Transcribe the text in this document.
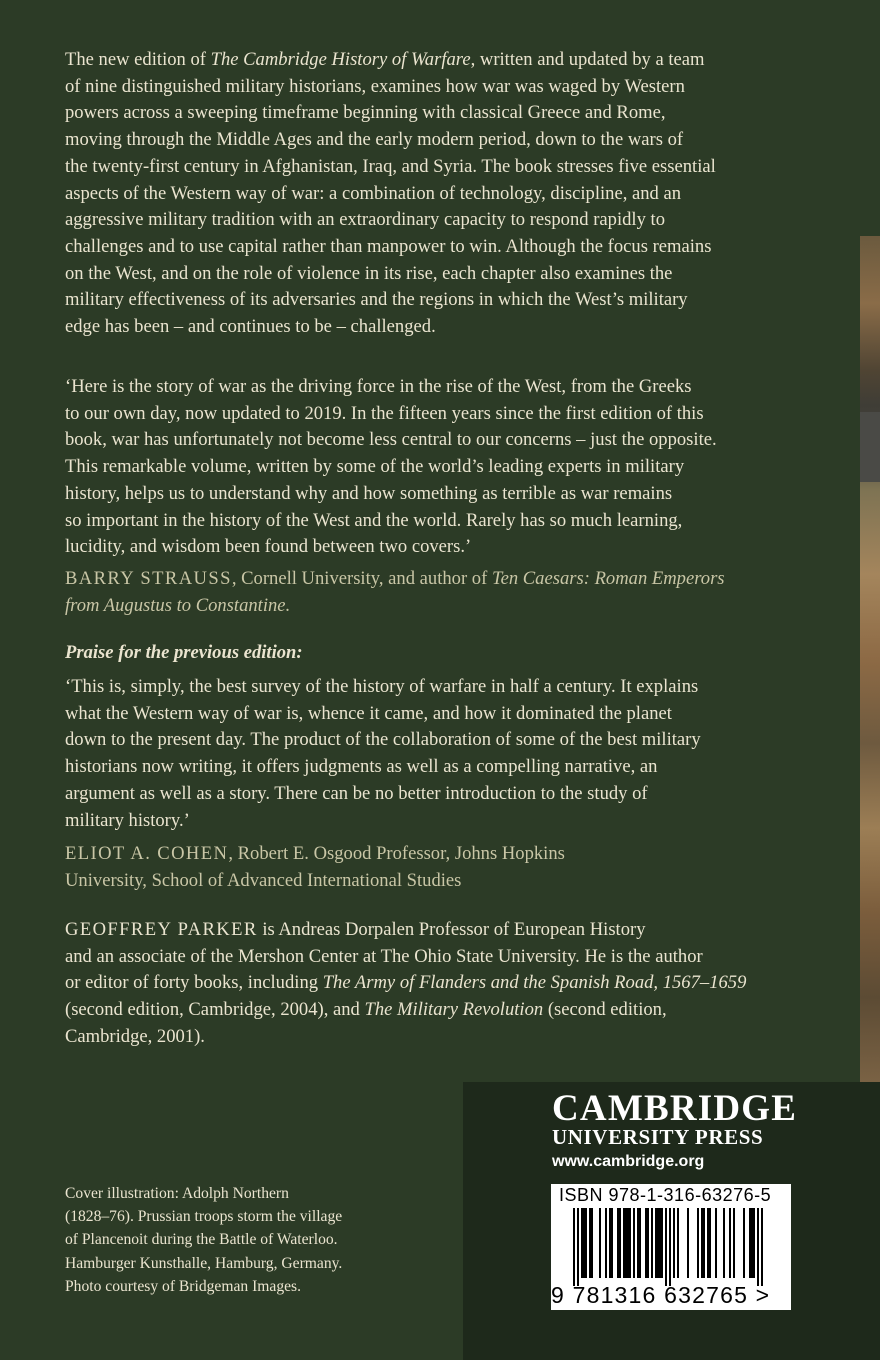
The new edition of The Cambridge History of Warfare, written and updated by a team
of nine distinguished military historians, examines how war was waged by Western
powers across a sweeping timeframe beginning with classical Greece and Rome,
moving through the Middle Ages and the early modern period, down to the wars of
the twenty-first century in Afghanistan, Iraq, and Syria. The book stresses five essential
aspects of the Western way of war: a combination of technology, discipline, and an
aggressive military tradition with an extraordinary capacity to respond rapidly to
challenges and to use capital rather than manpower to win. Although the focus remains
on the West, and on the role of violence in its rise, each chapter also examines the
military effectiveness of its adversaries and the regions in which the West’s military
edge has been – and continues to be – challenged.
‘Here is the story of war as the driving force in the rise of the West, from the Greeks
to our own day, now updated to 2019. In the fifteen years since the first edition of this
book, war has unfortunately not become less central to our concerns – just the opposite.
This remarkable volume, written by some of the world’s leading experts in military
history, helps us to understand why and how something as terrible as war remains
so important in the history of the West and the world. Rarely has so much learning,
lucidity, and wisdom been found between two covers.’
BARRY STRAUSS, Cornell University, and author of Ten Caesars: Roman Emperors
from Augustus to Constantine.
Praise for the previous edition:
‘This is, simply, the best survey of the history of warfare in half a century. It explains
what the Western way of war is, whence it came, and how it dominated the planet
down to the present day. The product of the collaboration of some of the best military
historians now writing, it offers judgments as well as a compelling narrative, an
argument as well as a story. There can be no better introduction to the study of
military history.’
ELIOT A. COHEN, Robert E. Osgood Professor, Johns Hopkins
University, School of Advanced International Studies
GEOFFREY PARKER is Andreas Dorpalen Professor of European History
and an associate of the Mershon Center at The Ohio State University. He is the author
or editor of forty books, including The Army of Flanders and the Spanish Road, 1567–1659
(second edition, Cambridge, 2004), and The Military Revolution (second edition,
Cambridge, 2001).
Cover illustration: Adolph Northern
(1828–76). Prussian troops storm the village
of Plancenoit during the Battle of Waterloo.
Hamburger Kunsthalle, Hamburg, Germany.
Photo courtesy of Bridgeman Images.
CAMBRIDGE
UNIVERSITY PRESS
www.cambridge.org
ISBN 978-1-316-63276-5
9 781316 632765 >
